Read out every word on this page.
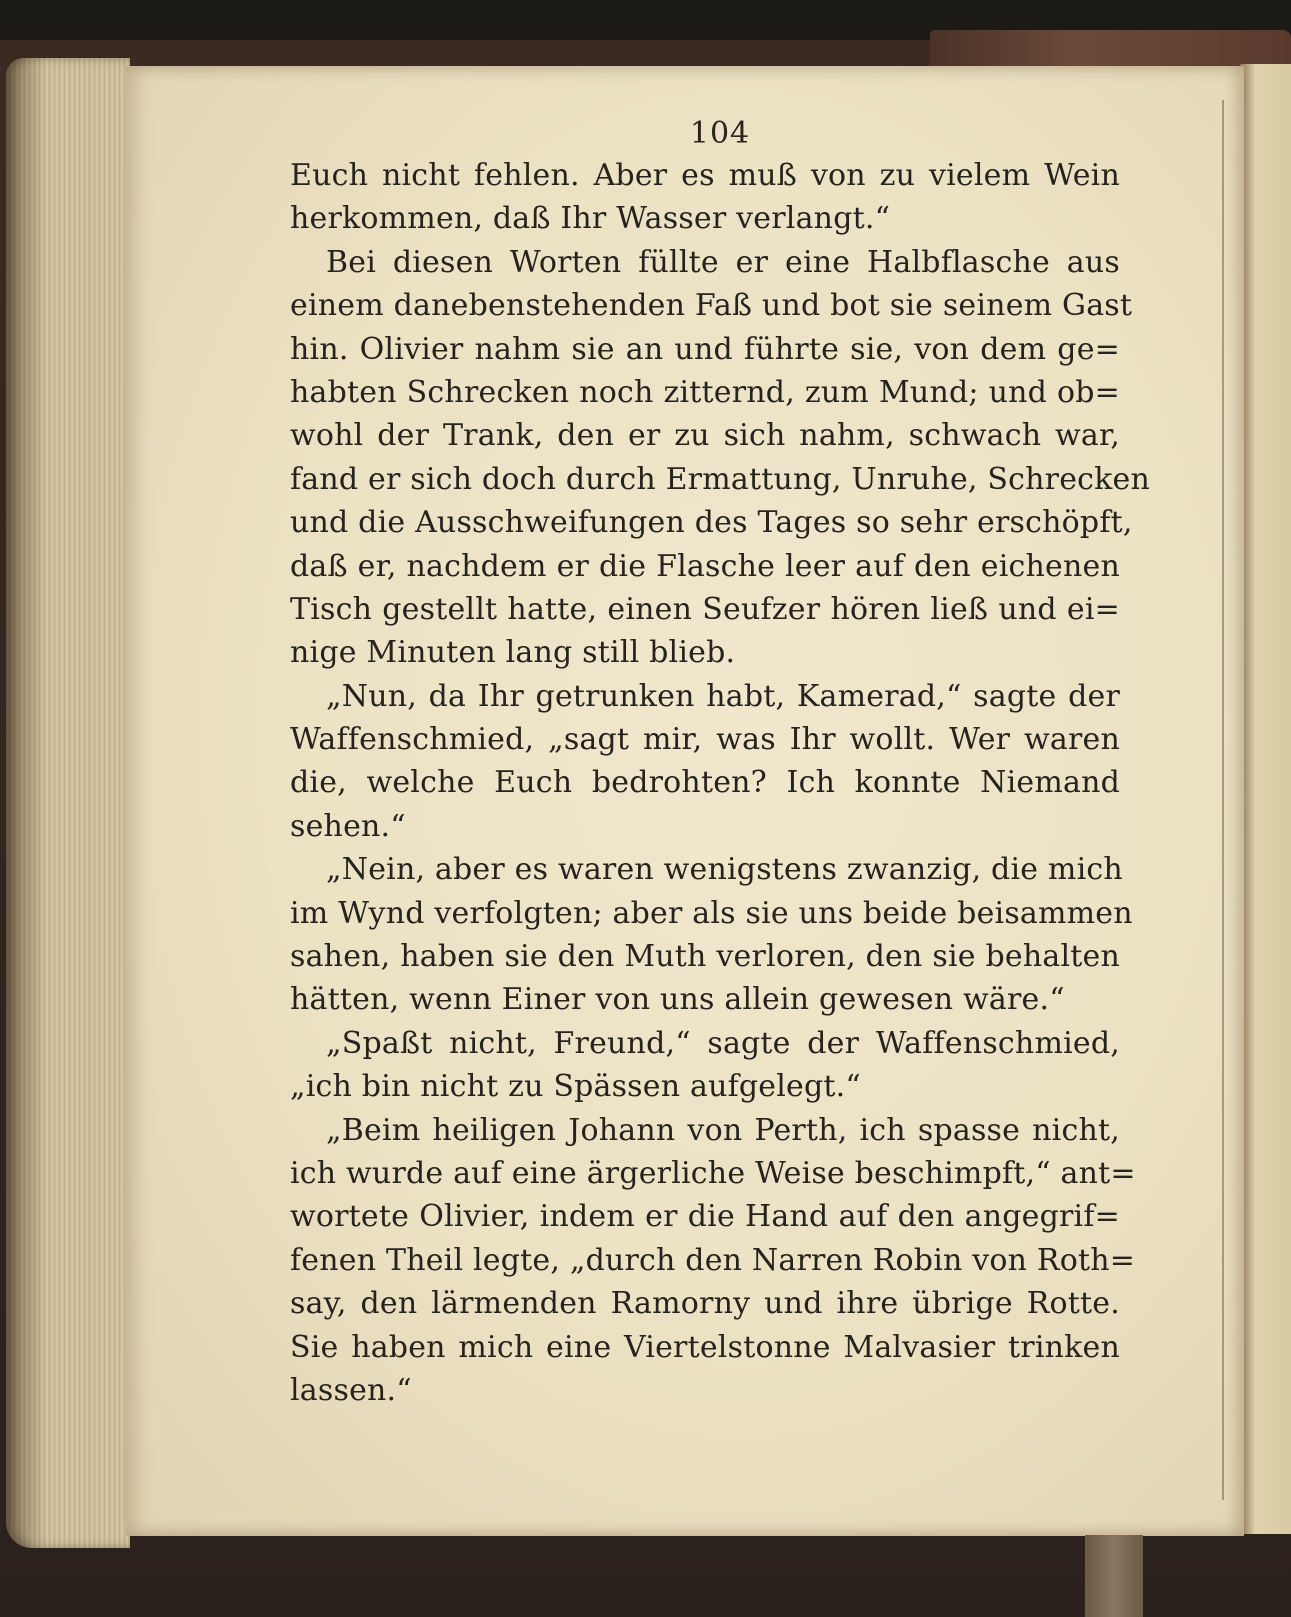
104
Euch nicht fehlen. Aber es muß von zu vielem Wein
herkommen, daß Ihr Wasser verlangt.“
Bei diesen Worten füllte er eine Halbflasche aus
einem danebenstehenden Faß und bot sie seinem Gast
hin. Olivier nahm sie an und führte sie, von dem ge=
habten Schrecken noch zitternd, zum Mund; und ob=
wohl der Trank, den er zu sich nahm, schwach war,
fand er sich doch durch Ermattung, Unruhe, Schrecken
und die Ausschweifungen des Tages so sehr erschöpft,
daß er, nachdem er die Flasche leer auf den eichenen
Tisch gestellt hatte, einen Seufzer hören ließ und ei=
nige Minuten lang still blieb.
„Nun, da Ihr getrunken habt, Kamerad,“ sagte der
Waffenschmied, „sagt mir, was Ihr wollt. Wer waren
die, welche Euch bedrohten? Ich konnte Niemand
sehen.“
„Nein, aber es waren wenigstens zwanzig, die mich
im Wynd verfolgten; aber als sie uns beide beisammen
sahen, haben sie den Muth verloren, den sie behalten
hätten, wenn Einer von uns allein gewesen wäre.“
„Spaßt nicht, Freund,“ sagte der Waffenschmied,
„ich bin nicht zu Spässen aufgelegt.“
„Beim heiligen Johann von Perth, ich spasse nicht,
ich wurde auf eine ärgerliche Weise beschimpft,“ ant=
wortete Olivier, indem er die Hand auf den angegrif=
fenen Theil legte, „durch den Narren Robin von Roth=
say, den lärmenden Ramorny und ihre übrige Rotte.
Sie haben mich eine Viertelstonne Malvasier trinken
lassen.“
